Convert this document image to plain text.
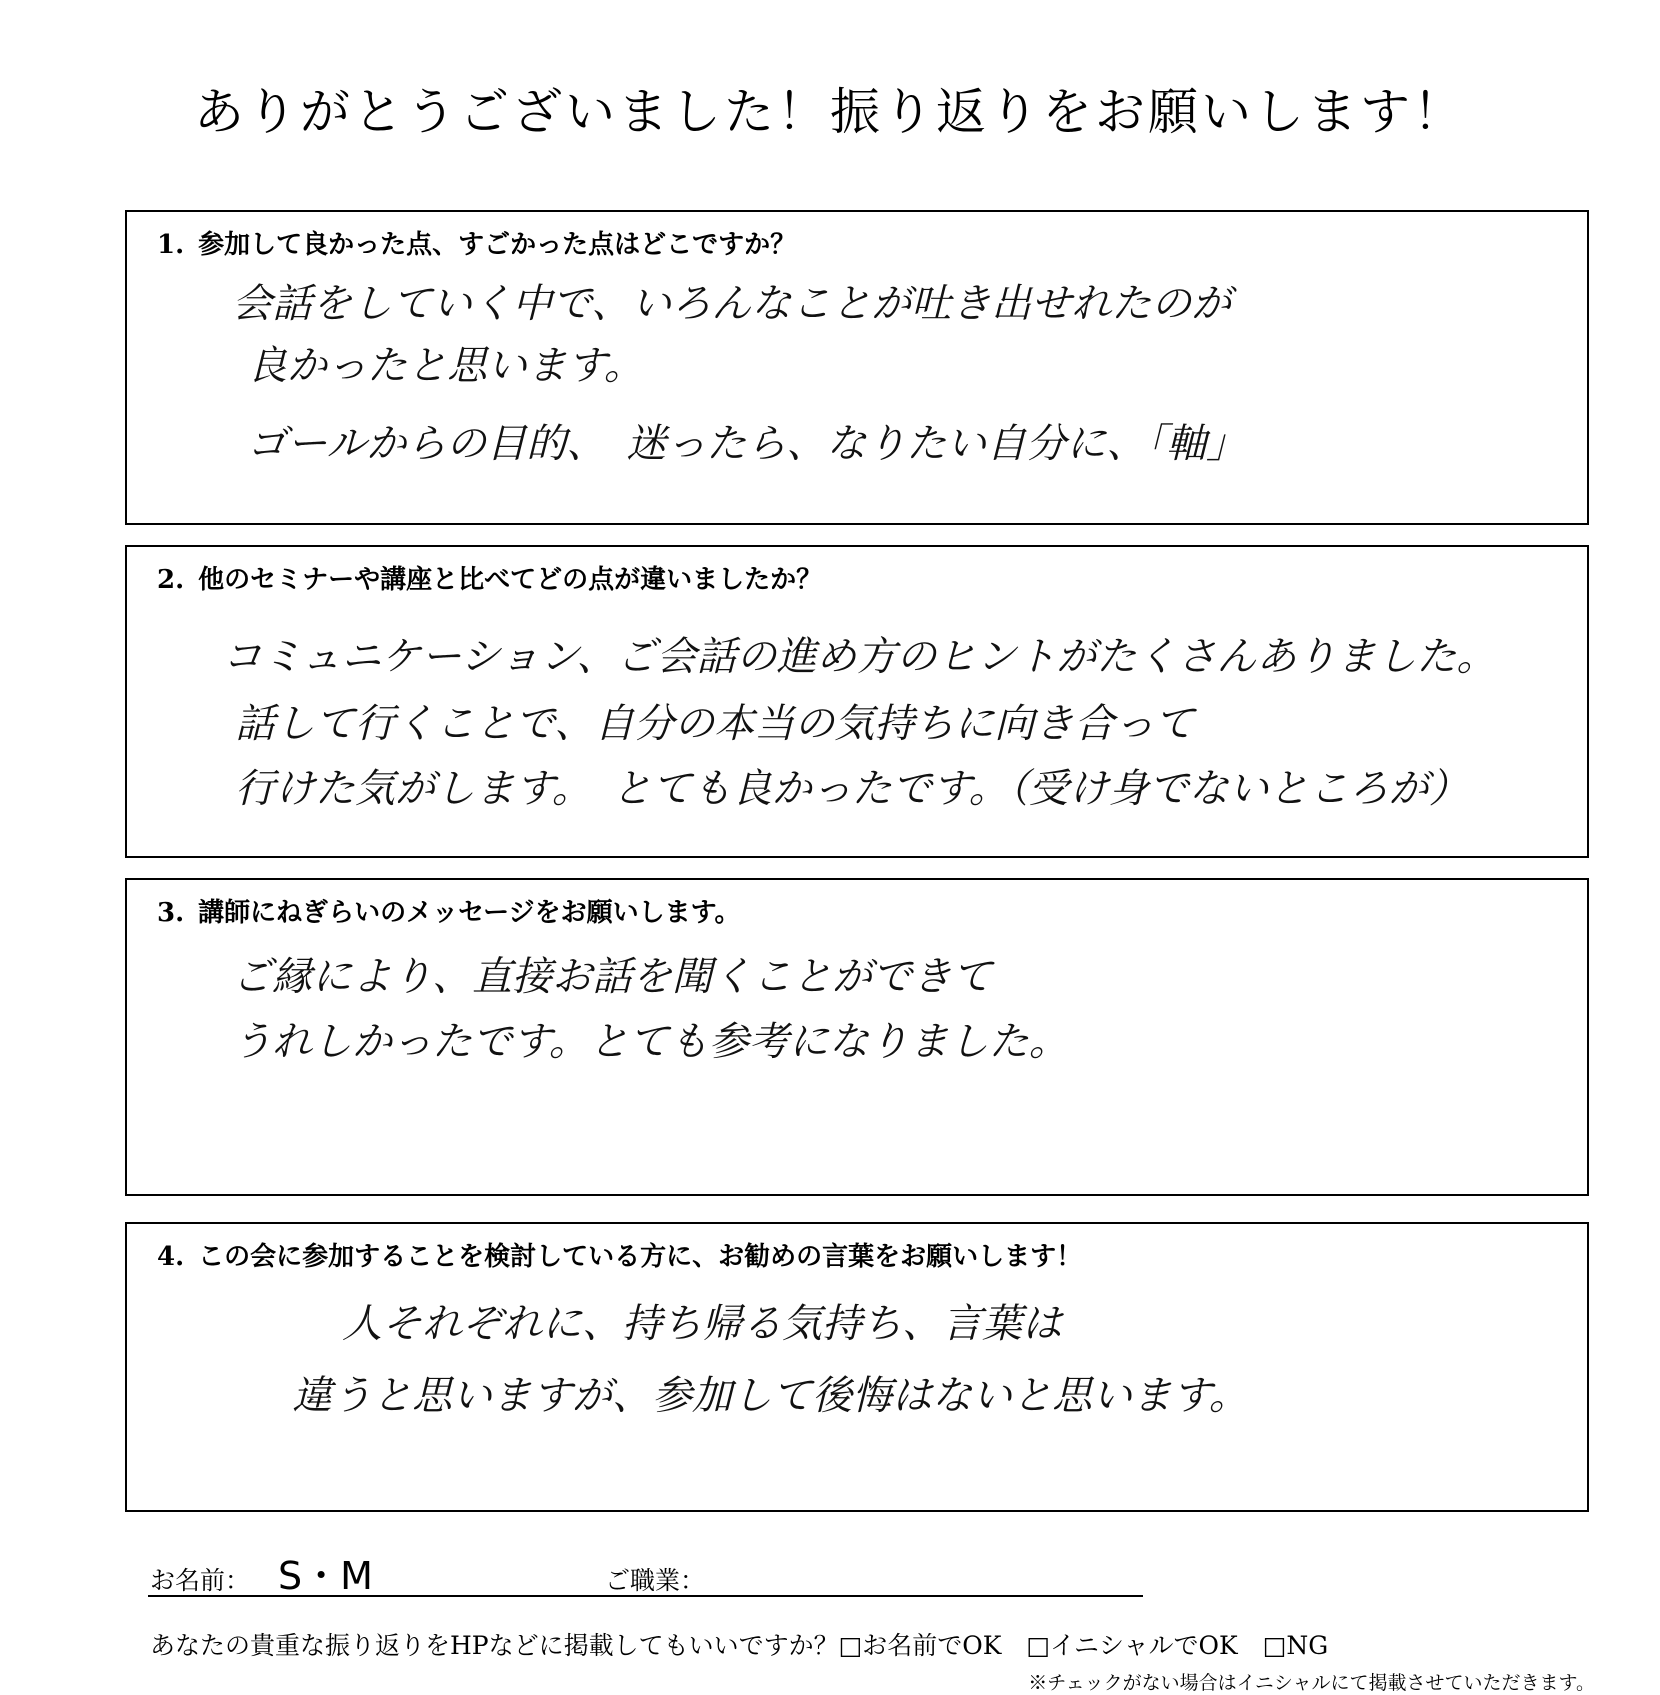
ありがとうございました！振り返りをお願いします！
1. 参加して良かった点、すごかった点はどこですか？
会話をしていく中で、いろんなことが吐き出せれたのが
良かったと思います。
ゴールからの目的、　迷ったら、なりたい自分に、「軸」
2. 他のセミナーや講座と比べてどの点が違いましたか？
コミュニケーション、ご会話の進め方のヒントがたくさんありました。
話して行くことで、自分の本当の気持ちに向き合って
行けた気がします。　とても良かったです。（受け身でないところが）
3. 講師にねぎらいのメッセージをお願いします。
ご縁により、直接お話を聞くことができて
うれしかったです。とても参考になりました。
4. この会に参加することを検討している方に、お勧めの言葉をお願いします！
人それぞれに、持ち帰る気持ち、言葉は
違うと思いますが、参加して後悔はないと思います。
お名前： S・M	ご職業：
あなたの貴重な振り返りをHPなどに掲載してもいいですか？□お名前でOK　□イニシャルでOK　□NG
※チェックがない場合はイニシャルにて掲載させていただきます。
